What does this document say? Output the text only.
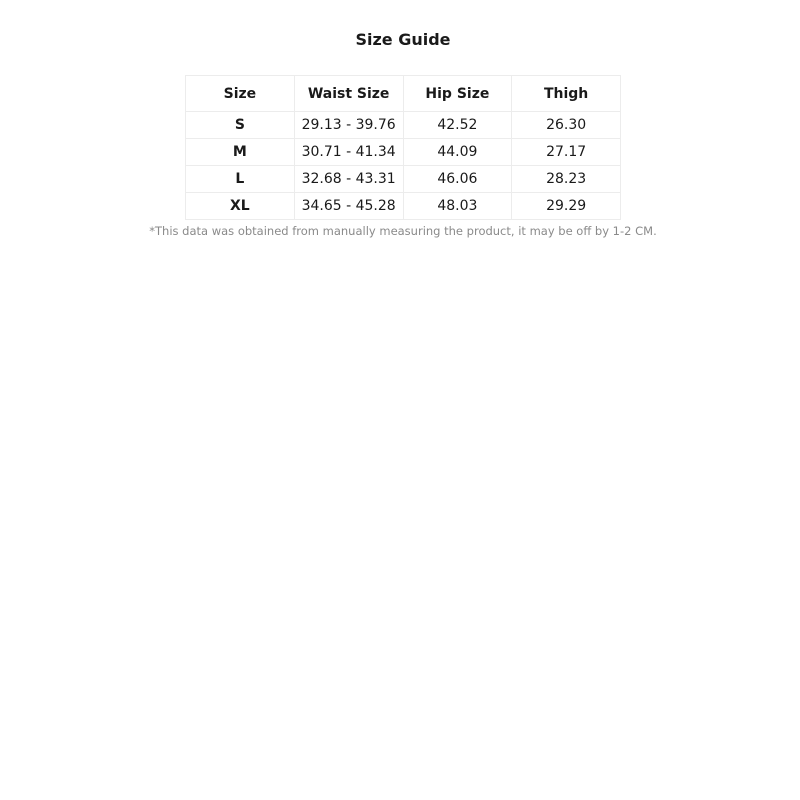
Size Guide
Size	Waist Size	Hip Size	Thigh
S	29.13 - 39.76	42.52	26.30
M	30.71 - 41.34	44.09	27.17
L	32.68 - 43.31	46.06	28.23
XL	34.65 - 45.28	48.03	29.29
*This data was obtained from manually measuring the product, it may be off by 1-2 CM.
